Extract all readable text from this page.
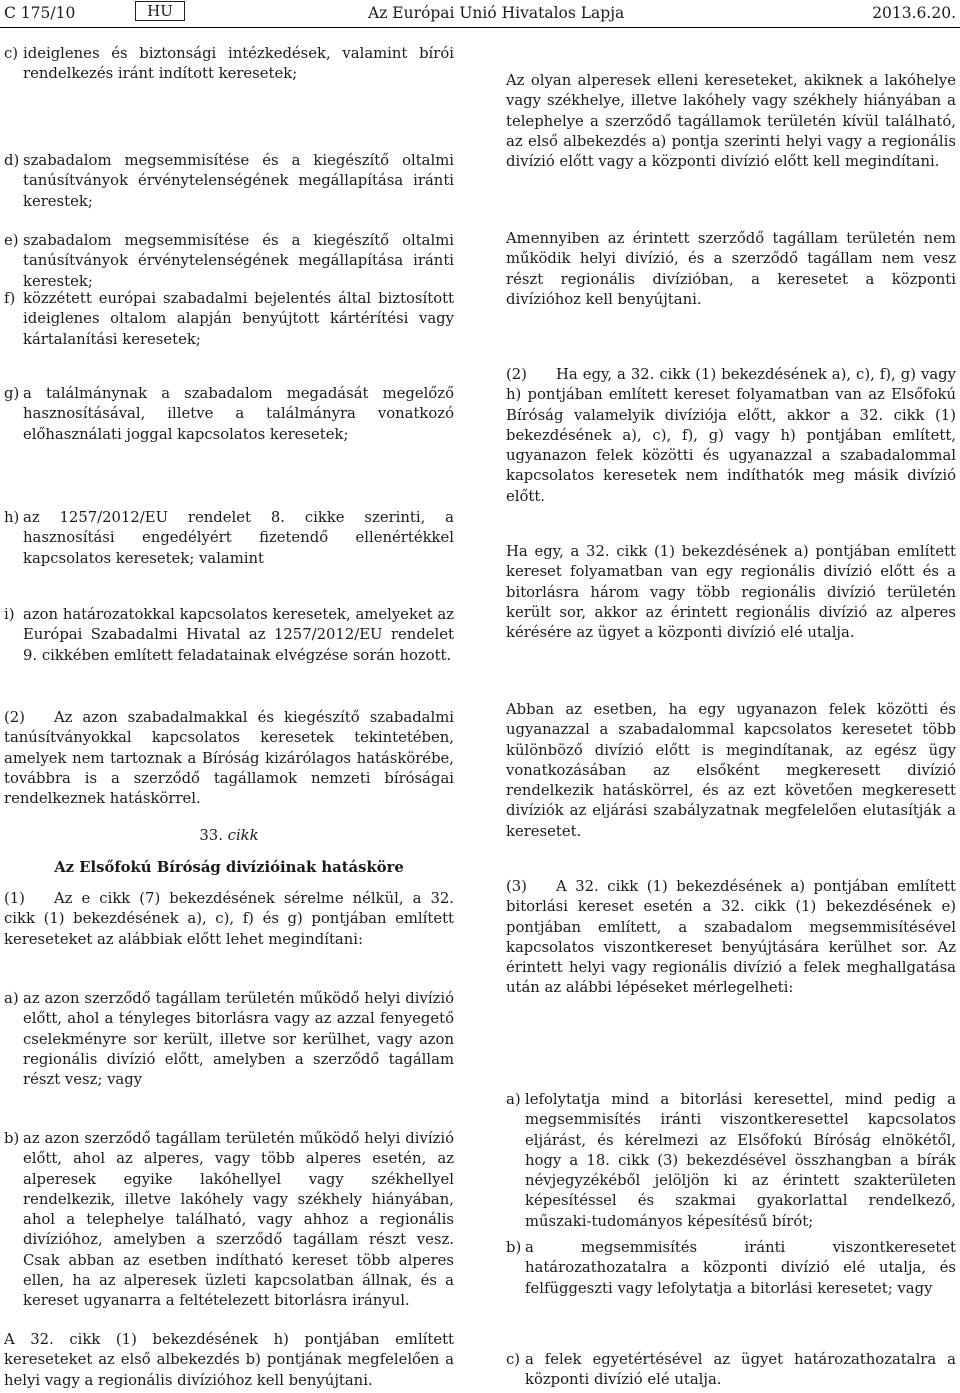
C 175/10	HU	Az Európai Unió Hivatalos Lapja	2013.6.20.
c) ideiglenes és biztonsági intézkedések, valamint bírói rendelkezés iránt indított keresetek;
d) szabadalom megsemmisítése és a kiegészítő oltalmi tanúsítványok érvénytelenségének megállapítása iránti kerestek;
e) szabadalom megsemmisítése és a kiegészítő oltalmi tanúsítványok érvénytelenségének megállapítása iránti kerestek;
f) közzétett európai szabadalmi bejelentés által biztosított ideiglenes oltalom alapján benyújtott kártérítési vagy kártalanítási keresetek;
g) a találmánynak a szabadalom megadását megelőző hasznosításával, illetve a találmányra vonatkozó előhasználati joggal kapcsolatos keresetek;
h) az 1257/2012/EU rendelet 8. cikke szerinti, a hasznosítási engedélyért fizetendő ellenértékkel kapcsolatos keresetek; valamint
i) azon határozatokkal kapcsolatos keresetek, amelyeket az Európai Szabadalmi Hivatal az 1257/2012/EU rendelet 9. cikkében említett feladatainak elvégzése során hozott.

(2) Az azon szabadalmakkal és kiegészítő szabadalmi tanúsítványokkal kapcsolatos keresetek tekintetében, amelyek nem tartoznak a Bíróság kizárólagos hatáskörébe, továbbra is a szerződő tagállamok nemzeti bíróságai rendelkeznek hatáskörrel.

33. cikk
Az Elsőfokú Bíróság divízióinak hatásköre

(1) Az e cikk (7) bekezdésének sérelme nélkül, a 32. cikk (1) bekezdésének a), c), f) és g) pontjában említett kereseteket az alábbiak előtt lehet megindítani:

a) az azon szerződő tagállam területén működő helyi divízió előtt, ahol a tényleges bitorlásra vagy az azzal fenyegető cselekményre sor került, illetve sor kerülhet, vagy azon regionális divízió előtt, amelyben a szerződő tagállam részt vesz; vagy
b) az azon szerződő tagállam területén működő helyi divízió előtt, ahol az alperes, vagy több alperes esetén, az alperesek egyike lakóhellyel vagy székhellyel rendelkezik, illetve lakóhely vagy székhely hiányában, ahol a telephelye található, vagy ahhoz a regionális divízióhoz, amelyben a szerződő tagállam részt vesz. Csak abban az esetben indítható kereset több alperes ellen, ha az alperesek üzleti kapcsolatban állnak, és a kereset ugyanarra a feltételezett bitorlásra irányul.
A 32. cikk (1) bekezdésének h) pontjában említett kereseteket az első albekezdés b) pontjának megfelelően a helyi vagy a regionális divízióhoz kell benyújtani.
Az olyan alperesek elleni kereseteket, akiknek a lakóhelye vagy székhelye, illetve lakóhely vagy székhely hiányában a telephelye a szerződő tagállamok területén kívül található, az első albekezdés a) pontja szerinti helyi vagy a regionális divízió előtt vagy a központi divízió előtt kell megindítani.
Amennyiben az érintett szerződő tagállam területén nem működik helyi divízió, és a szerződő tagállam nem vesz részt regionális divízióban, a keresetet a központi divízióhoz kell benyújtani.

(2) Ha egy, a 32. cikk (1) bekezdésének a), c), f), g) vagy h) pontjában említett kereset folyamatban van az Elsőfokú Bíróság valamelyik divíziója előtt, akkor a 32. cikk (1) bekezdésének a), c), f), g) vagy h) pontjában említett, ugyanazon felek közötti és ugyanazzal a szabadalommal kapcsolatos keresetek nem indíthatók meg másik divízió előtt.

Ha egy, a 32. cikk (1) bekezdésének a) pontjában említett kereset folyamatban van egy regionális divízió előtt és a bitorlásra három vagy több regionális divízió területén került sor, akkor az érintett regionális divízió az alperes kérésére az ügyet a központi divízió elé utalja.
Abban az esetben, ha egy ugyanazon felek közötti és ugyanazzal a szabadalommal kapcsolatos keresetet több különböző divízió előtt is megindítanak, az egész ügy vonatkozásában az elsőként megkeresett divízió rendelkezik hatáskörrel, és az ezt követően megkeresett divíziók az eljárási szabályzatnak megfelelően elutasítják a keresetet.

(3) A 32. cikk (1) bekezdésének a) pontjában említett bitorlási kereset esetén a 32. cikk (1) bekezdésének e) pontjában említett, a szabadalom megsemmisítésével kapcsolatos viszontkereset benyújtására kerülhet sor. Az érintett helyi vagy regionális divízió a felek meghallgatása után az alábbi lépéseket mérlegelheti:

a) lefolytatja mind a bitorlási keresettel, mind pedig a megsemmisítés iránti viszontkeresettel kapcsolatos eljárást, és kérelmezi az Elsőfokú Bíróság elnökétől, hogy a 18. cikk (3) bekezdésével összhangban a bírák névjegyzékéből jelöljön ki az érintett szakterületen képesítéssel és szakmai gyakorlattal rendelkező, műszaki-tudományos képesítésű bírót;
b) a megsemmisítés iránti viszontkeresetet határozathozatalra a központi divízió elé utalja, és felfüggeszti vagy lefolytatja a bitorlási keresetet; vagy
c) a felek egyetértésével az ügyet határozathozatalra a központi divízió elé utalja.
